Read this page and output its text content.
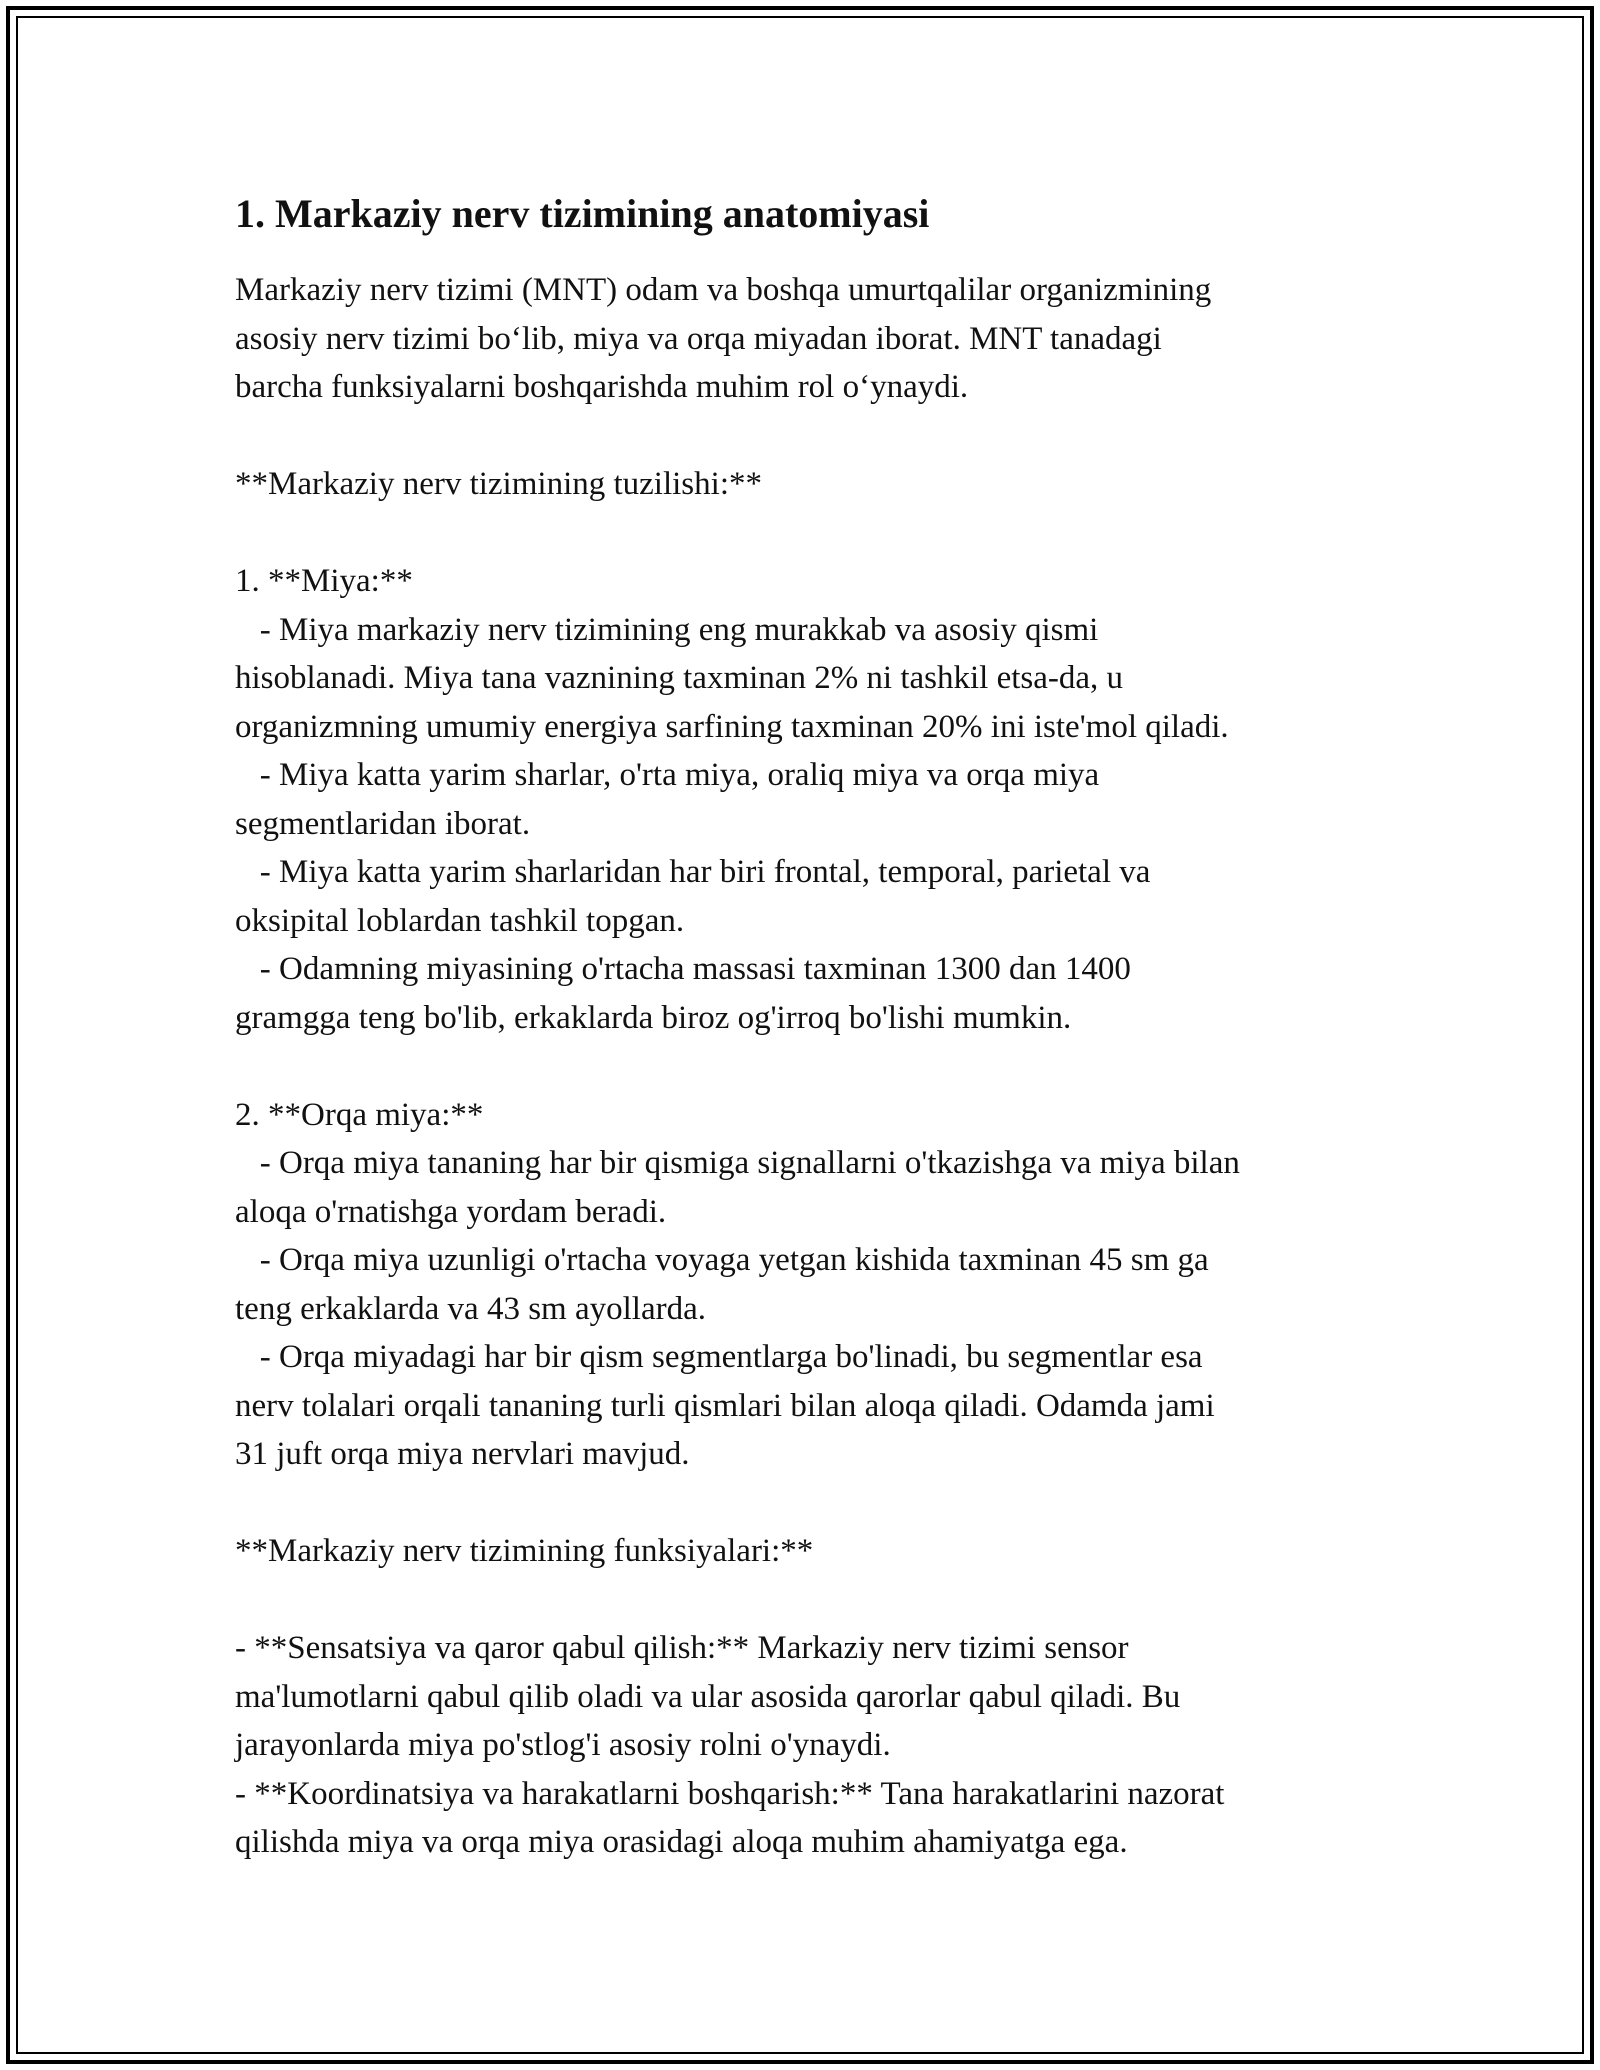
1. Markaziy nerv tizimining anatomiyasi
Markaziy nerv tizimi (MNT) odam va boshqa umurtqalilar organizmining
asosiy nerv tizimi bo‘lib, miya va orqa miyadan iborat. MNT tanadagi
barcha funksiyalarni boshqarishda muhim rol o‘ynaydi.
**Markaziy nerv tizimining tuzilishi:**
1. **Miya:**
- Miya markaziy nerv tizimining eng murakkab va asosiy qismi
hisoblanadi. Miya tana vaznining taxminan 2% ni tashkil etsa-da, u
organizmning umumiy energiya sarfining taxminan 20% ini iste'mol qiladi.
- Miya katta yarim sharlar, o'rta miya, oraliq miya va orqa miya
segmentlaridan iborat.
- Miya katta yarim sharlaridan har biri frontal, temporal, parietal va
oksipital loblardan tashkil topgan.
- Odamning miyasining o'rtacha massasi taxminan 1300 dan 1400
gramgga teng bo'lib, erkaklarda biroz og'irroq bo'lishi mumkin.
2. **Orqa miya:**
- Orqa miya tananing har bir qismiga signallarni o'tkazishga va miya bilan
aloqa o'rnatishga yordam beradi.
- Orqa miya uzunligi o'rtacha voyaga yetgan kishida taxminan 45 sm ga
teng erkaklarda va 43 sm ayollarda.
- Orqa miyadagi har bir qism segmentlarga bo'linadi, bu segmentlar esa
nerv tolalari orqali tananing turli qismlari bilan aloqa qiladi. Odamda jami
31 juft orqa miya nervlari mavjud.
**Markaziy nerv tizimining funksiyalari:**
- **Sensatsiya va qaror qabul qilish:** Markaziy nerv tizimi sensor
ma'lumotlarni qabul qilib oladi va ular asosida qarorlar qabul qiladi. Bu
jarayonlarda miya po'stlog'i asosiy rolni o'ynaydi.
- **Koordinatsiya va harakatlarni boshqarish:** Tana harakatlarini nazorat
qilishda miya va orqa miya orasidagi aloqa muhim ahamiyatga ega.
